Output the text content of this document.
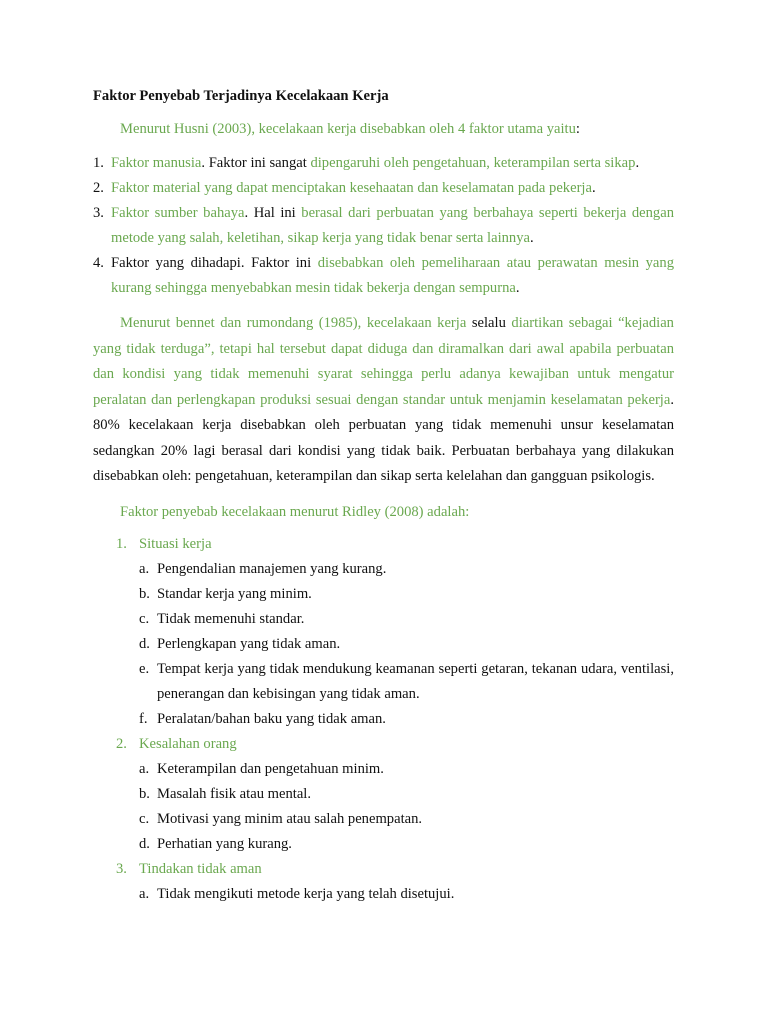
Faktor Penyebab Terjadinya Kecelakaan Kerja
Menurut Husni (2003), kecelakaan kerja disebabkan oleh 4 faktor utama yaitu:
1. Faktor manusia. Faktor ini sangat dipengaruhi oleh pengetahuan, keterampilan serta sikap.
2. Faktor material yang dapat menciptakan kesehaatan dan keselamatan pada pekerja.
3. Faktor sumber bahaya. Hal ini berasal dari perbuatan yang berbahaya seperti bekerja dengan metode yang salah, keletihan, sikap kerja yang tidak benar serta lainnya.
4. Faktor yang dihadapi. Faktor ini disebabkan oleh pemeliharaan atau perawatan mesin yang kurang sehingga menyebabkan mesin tidak bekerja dengan sempurna.

Menurut bennet dan rumondang (1985), kecelakaan kerja selalu diartikan sebagai “kejadian yang tidak terduga”, tetapi hal tersebut dapat diduga dan diramalkan dari awal apabila perbuatan dan kondisi yang tidak memenuhi syarat sehingga perlu adanya kewajiban untuk mengatur peralatan dan perlengkapan produksi sesuai dengan standar untuk menjamin keselamatan pekerja. 80% kecelakaan kerja disebabkan oleh perbuatan yang tidak memenuhi unsur keselamatan sedangkan 20% lagi berasal dari kondisi yang tidak baik. Perbuatan berbahaya yang dilakukan disebabkan oleh: pengetahuan, keterampilan dan sikap serta kelelahan dan gangguan psikologis.

Faktor penyebab kecelakaan menurut Ridley (2008) adalah:
1. Situasi kerja
a. Pengendalian manajemen yang kurang.
b. Standar kerja yang minim.
c. Tidak memenuhi standar.
d. Perlengkapan yang tidak aman.
e. Tempat kerja yang tidak mendukung keamanan seperti getaran, tekanan udara, ventilasi, penerangan dan kebisingan yang tidak aman.
f. Peralatan/bahan baku yang tidak aman.
2. Kesalahan orang
a. Keterampilan dan pengetahuan minim.
b. Masalah fisik atau mental.
c. Motivasi yang minim atau salah penempatan.
d. Perhatian yang kurang.
3. Tindakan tidak aman
a. Tidak mengikuti metode kerja yang telah disetujui.
